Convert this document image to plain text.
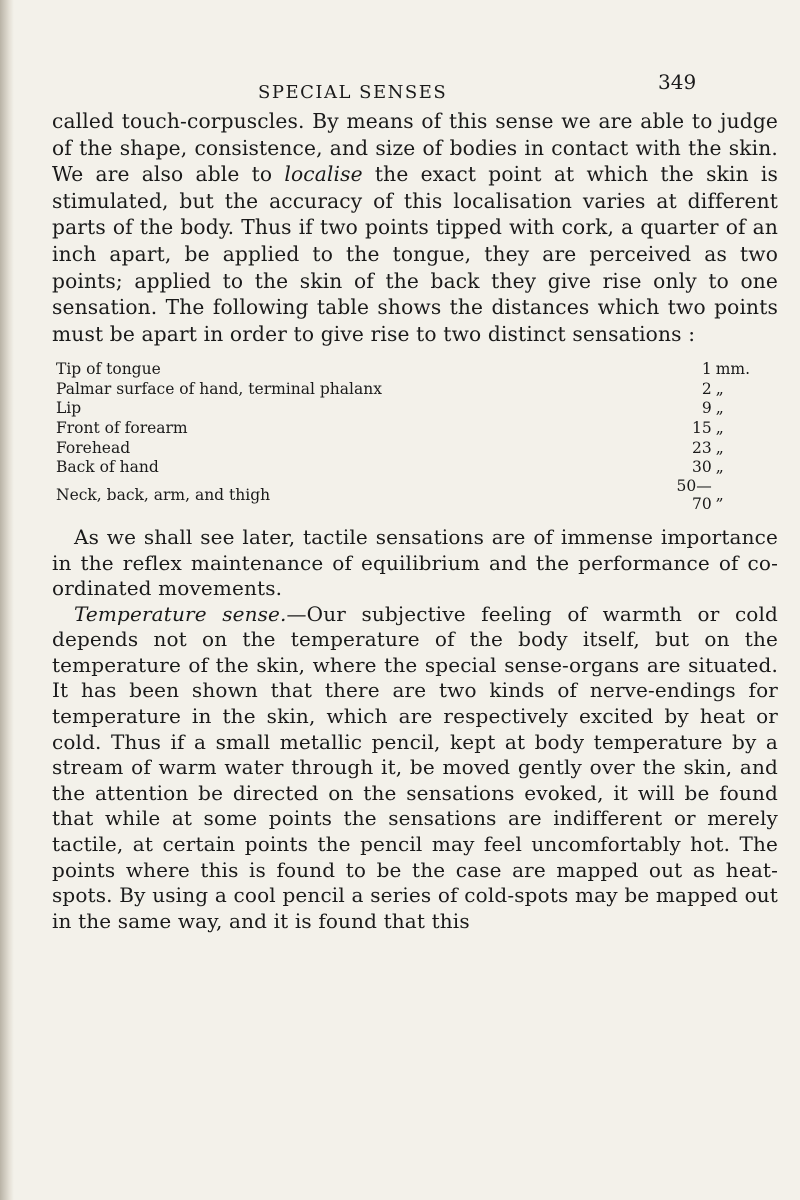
SPECIAL SENSES	349

called touch-corpuscles. By means of this sense we are able to judge of the shape, consistence, and size of bodies in contact with the skin. We are also able to localise the exact point at which the skin is stimulated, but the accuracy of this localisation varies at different parts of the body. Thus if two points tipped with cork, a quarter of an inch apart, be applied to the tongue, they are perceived as two points; applied to the skin of the back they give rise only to one sensation. The following table shows the distances which two points must be apart in order to give rise to two distinct sensations :

Tip of tongue	1	mm.
Palmar surface of hand, terminal phalanx	2	„
Lip	9	„
Front of forearm	15	„
Forehead	23	„
Back of hand	30	„
Neck, back, arm, and thigh	50—70	„

As we shall see later, tactile sensations are of immense importance in the reflex maintenance of equilibrium and the performance of co-ordinated movements.

Temperature sense.—Our subjective feeling of warmth or cold depends not on the temperature of the body itself, but on the temperature of the skin, where the special sense-organs are situated. It has been shown that there are two kinds of nerve-endings for temperature in the skin, which are respectively excited by heat or cold. Thus if a small metallic pencil, kept at body temperature by a stream of warm water through it, be moved gently over the skin, and the attention be directed on the sensations evoked, it will be found that while at some points the sensations are indifferent or merely tactile, at certain points the pencil may feel uncomfortably hot. The points where this is found to be the case are mapped out as heat-spots. By using a cool pencil a series of cold-spots may be mapped out in the same way, and it is found that this
